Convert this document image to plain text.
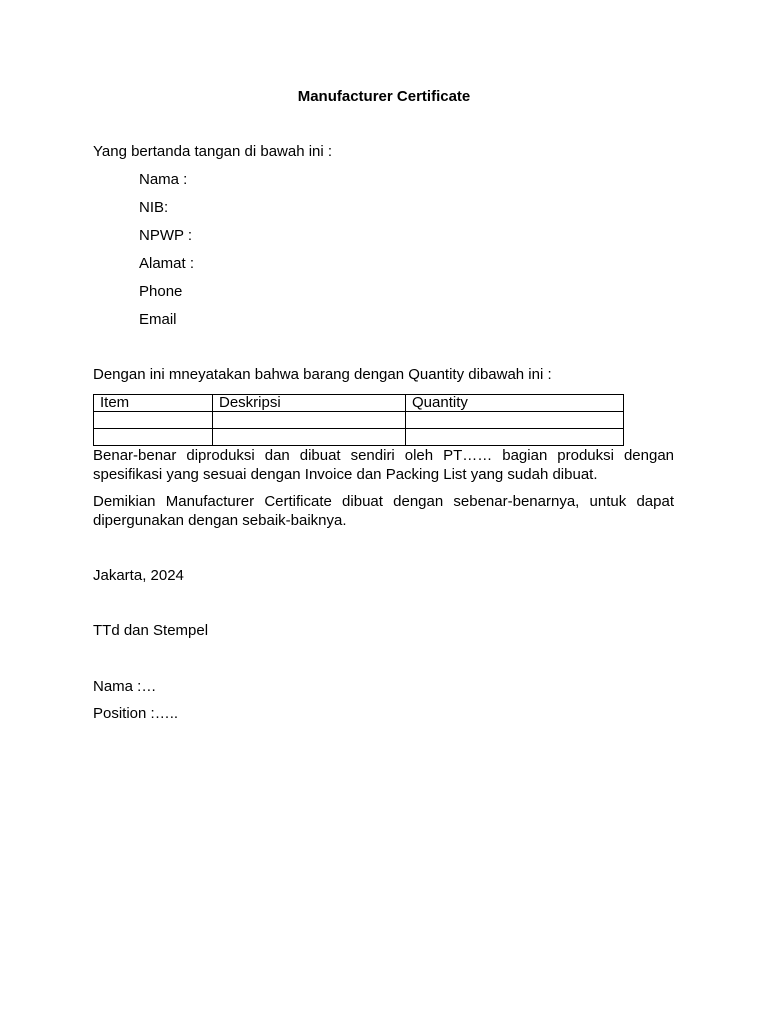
Manufacturer Certificate
Yang bertanda tangan di bawah ini :
Nama :
NIB:
NPWP :
Alamat :
Phone
Email
Dengan ini mneyatakan bahwa barang dengan Quantity dibawah ini :
Item	Deskripsi	Quantity

Benar-benar diproduksi dan dibuat sendiri oleh PT…… bagian produksi dengan
spesifikasi yang sesuai dengan Invoice dan Packing List yang sudah dibuat.
Demikian Manufacturer Certificate dibuat dengan sebenar-benarnya, untuk dapat
dipergunakan dengan sebaik-baiknya.
Jakarta, 2024
TTd dan Stempel
Nama :…
Position :…..
